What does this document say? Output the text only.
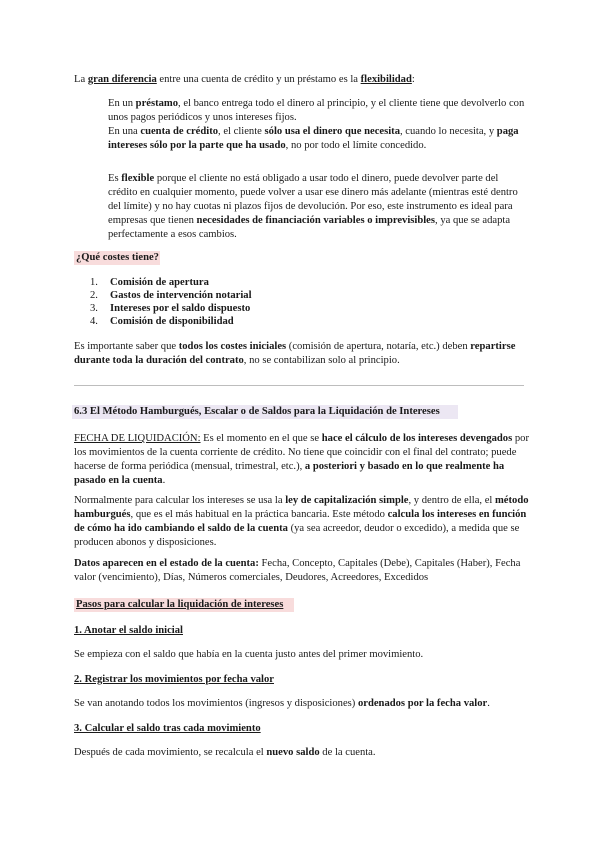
La gran diferencia entre una cuenta de crédito y un préstamo es la flexibilidad:
En un préstamo, el banco entrega todo el dinero al principio, y el cliente tiene que devolverlo con unos pagos periódicos y unos intereses fijos.
En una cuenta de crédito, el cliente sólo usa el dinero que necesita, cuando lo necesita, y paga intereses sólo por la parte que ha usado, no por todo el límite concedido.
Es flexible porque el cliente no está obligado a usar todo el dinero, puede devolver parte del crédito en cualquier momento, puede volver a usar ese dinero más adelante (mientras esté dentro del límite) y no hay cuotas ni plazos fijos de devolución. Por eso, este instrumento es ideal para empresas que tienen necesidades de financiación variables o imprevisibles, ya que se adapta perfectamente a esos cambios.
¿Qué costes tiene?
1. Comisión de apertura
2. Gastos de intervención notarial
3. Intereses por el saldo dispuesto
4. Comisión de disponibilidad
Es importante saber que todos los costes iniciales (comisión de apertura, notaría, etc.) deben repartirse durante toda la duración del contrato, no se contabilizan solo al principio.
6.3 El Método Hamburgués, Escalar o de Saldos para la Liquidación de Intereses
FECHA DE LIQUIDACIÓN: Es el momento en el que se hace el cálculo de los intereses devengados por los movimientos de la cuenta corriente de crédito. No tiene que coincidir con el final del contrato; puede hacerse de forma periódica (mensual, trimestral, etc.), a posteriori y basado en lo que realmente ha pasado en la cuenta.
Normalmente para calcular los intereses se usa la ley de capitalización simple, y dentro de ella, el método hamburgués, que es el más habitual en la práctica bancaria. Este método calcula los intereses en función de cómo ha ido cambiando el saldo de la cuenta (ya sea acreedor, deudor o excedido), a medida que se producen abonos y disposiciones.
Datos aparecen en el estado de la cuenta: Fecha, Concepto, Capitales (Debe), Capitales (Haber), Fecha valor (vencimiento), Días, Números comerciales, Deudores, Acreedores, Excedidos
Pasos para calcular la liquidación de intereses
1. Anotar el saldo inicial
Se empieza con el saldo que había en la cuenta justo antes del primer movimiento.
2. Registrar los movimientos por fecha valor
Se van anotando todos los movimientos (ingresos y disposiciones) ordenados por la fecha valor.
3. Calcular el saldo tras cada movimiento
Después de cada movimiento, se recalcula el nuevo saldo de la cuenta.
